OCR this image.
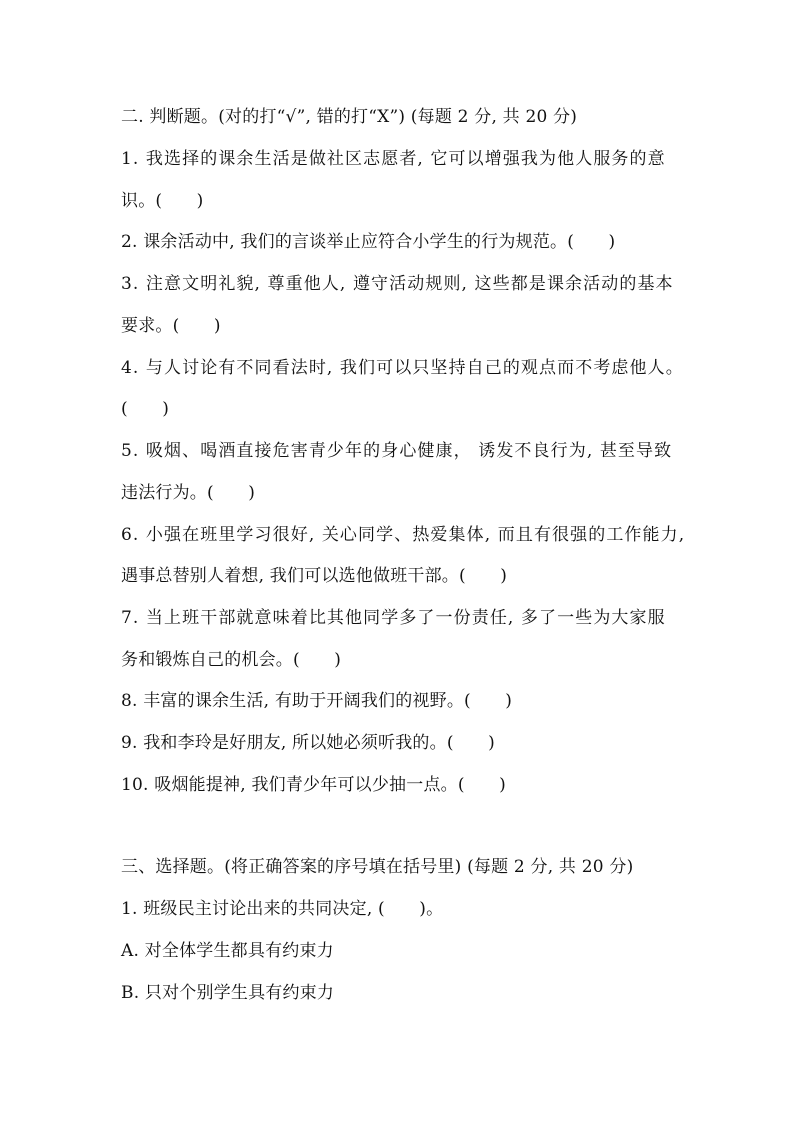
二. 判断题。(对的打“√”, 错的打“X”) (每题 2 分, 共 20 分)
1. 我选择的课余生活是做社区志愿者, 它可以增强我为他人服务的意
识。(　　)
2. 课余活动中, 我们的言谈举止应符合小学生的行为规范。(　　)
3. 注意文明礼貌, 尊重他人, 遵守活动规则, 这些都是课余活动的基本
要求。(　　)
4. 与人讨论有不同看法时, 我们可以只坚持自己的观点而不考虑他人。
(　　)
5. 吸烟、喝酒直接危害青少年的身心健康， 诱发不良行为, 甚至导致
违法行为。(　　)
6. 小强在班里学习很好, 关心同学、热爱集体, 而且有很强的工作能力,
遇事总替别人着想, 我们可以选他做班干部。(　　)
7. 当上班干部就意味着比其他同学多了一份责任, 多了一些为大家服
务和锻炼自己的机会。(　　)
8. 丰富的课余生活, 有助于开阔我们的视野。(　　)
9. 我和李玲是好朋友, 所以她必须听我的。(　　)
10. 吸烟能提神, 我们青少年可以少抽一点。(　　)
三、选择题。(将正确答案的序号填在括号里) (每题 2 分, 共 20 分)
1. 班级民主讨论出来的共同决定, (　　)。
A. 对全体学生都具有约束力
B. 只对个别学生具有约束力
